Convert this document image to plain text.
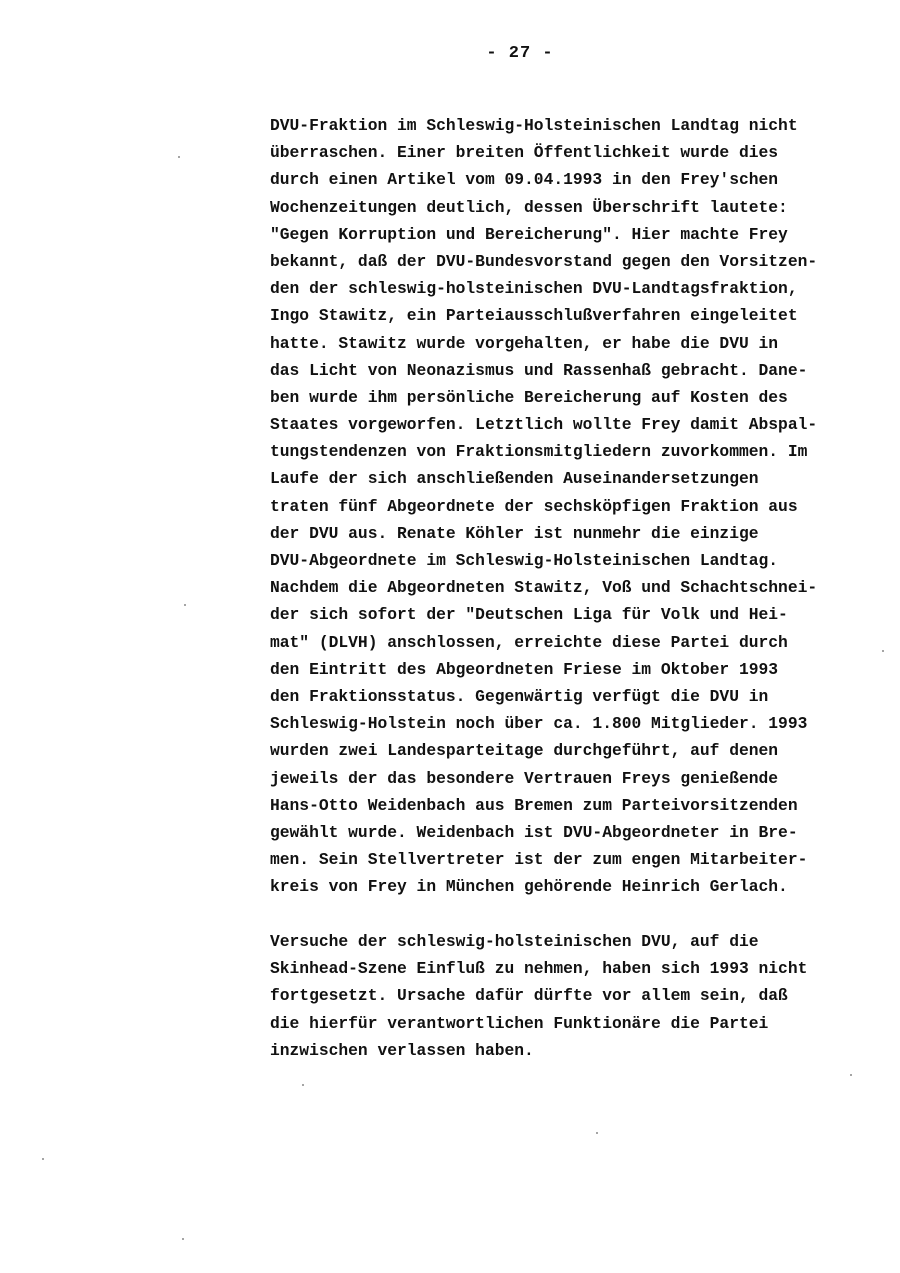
- 27 -
DVU-Fraktion im Schleswig-Holsteinischen Landtag nicht
überraschen. Einer breiten Öffentlichkeit wurde dies
durch einen Artikel vom 09.04.1993 in den Frey'schen
Wochenzeitungen deutlich, dessen Überschrift lautete:
"Gegen Korruption und Bereicherung". Hier machte Frey
bekannt, daß der DVU-Bundesvorstand gegen den Vorsitzen-
den der schleswig-holsteinischen DVU-Landtagsfraktion,
Ingo Stawitz, ein Parteiausschlußverfahren eingeleitet
hatte. Stawitz wurde vorgehalten, er habe die DVU in
das Licht von Neonazismus und Rassenhaß gebracht. Dane-
ben wurde ihm persönliche Bereicherung auf Kosten des
Staates vorgeworfen. Letztlich wollte Frey damit Abspal-
tungstendenzen von Fraktionsmitgliedern zuvorkommen. Im
Laufe der sich anschließenden Auseinandersetzungen
traten fünf Abgeordnete der sechsköpfigen Fraktion aus
der DVU aus. Renate Köhler ist nunmehr die einzige
DVU-Abgeordnete im Schleswig-Holsteinischen Landtag.
Nachdem die Abgeordneten Stawitz, Voß und Schachtschnei-
der sich sofort der "Deutschen Liga für Volk und Hei-
mat" (DLVH) anschlossen, erreichte diese Partei durch
den Eintritt des Abgeordneten Friese im Oktober 1993
den Fraktionsstatus. Gegenwärtig verfügt die DVU in
Schleswig-Holstein noch über ca. 1.800 Mitglieder. 1993
wurden zwei Landesparteitage durchgeführt, auf denen
jeweils der das besondere Vertrauen Freys genießende
Hans-Otto Weidenbach aus Bremen zum Parteivorsitzenden
gewählt wurde. Weidenbach ist DVU-Abgeordneter in Bre-
men. Sein Stellvertreter ist der zum engen Mitarbeiter-
kreis von Frey in München gehörende Heinrich Gerlach.
Versuche der schleswig-holsteinischen DVU, auf die
Skinhead-Szene Einfluß zu nehmen, haben sich 1993 nicht
fortgesetzt. Ursache dafür dürfte vor allem sein, daß
die hierfür verantwortlichen Funktionäre die Partei
inzwischen verlassen haben.
